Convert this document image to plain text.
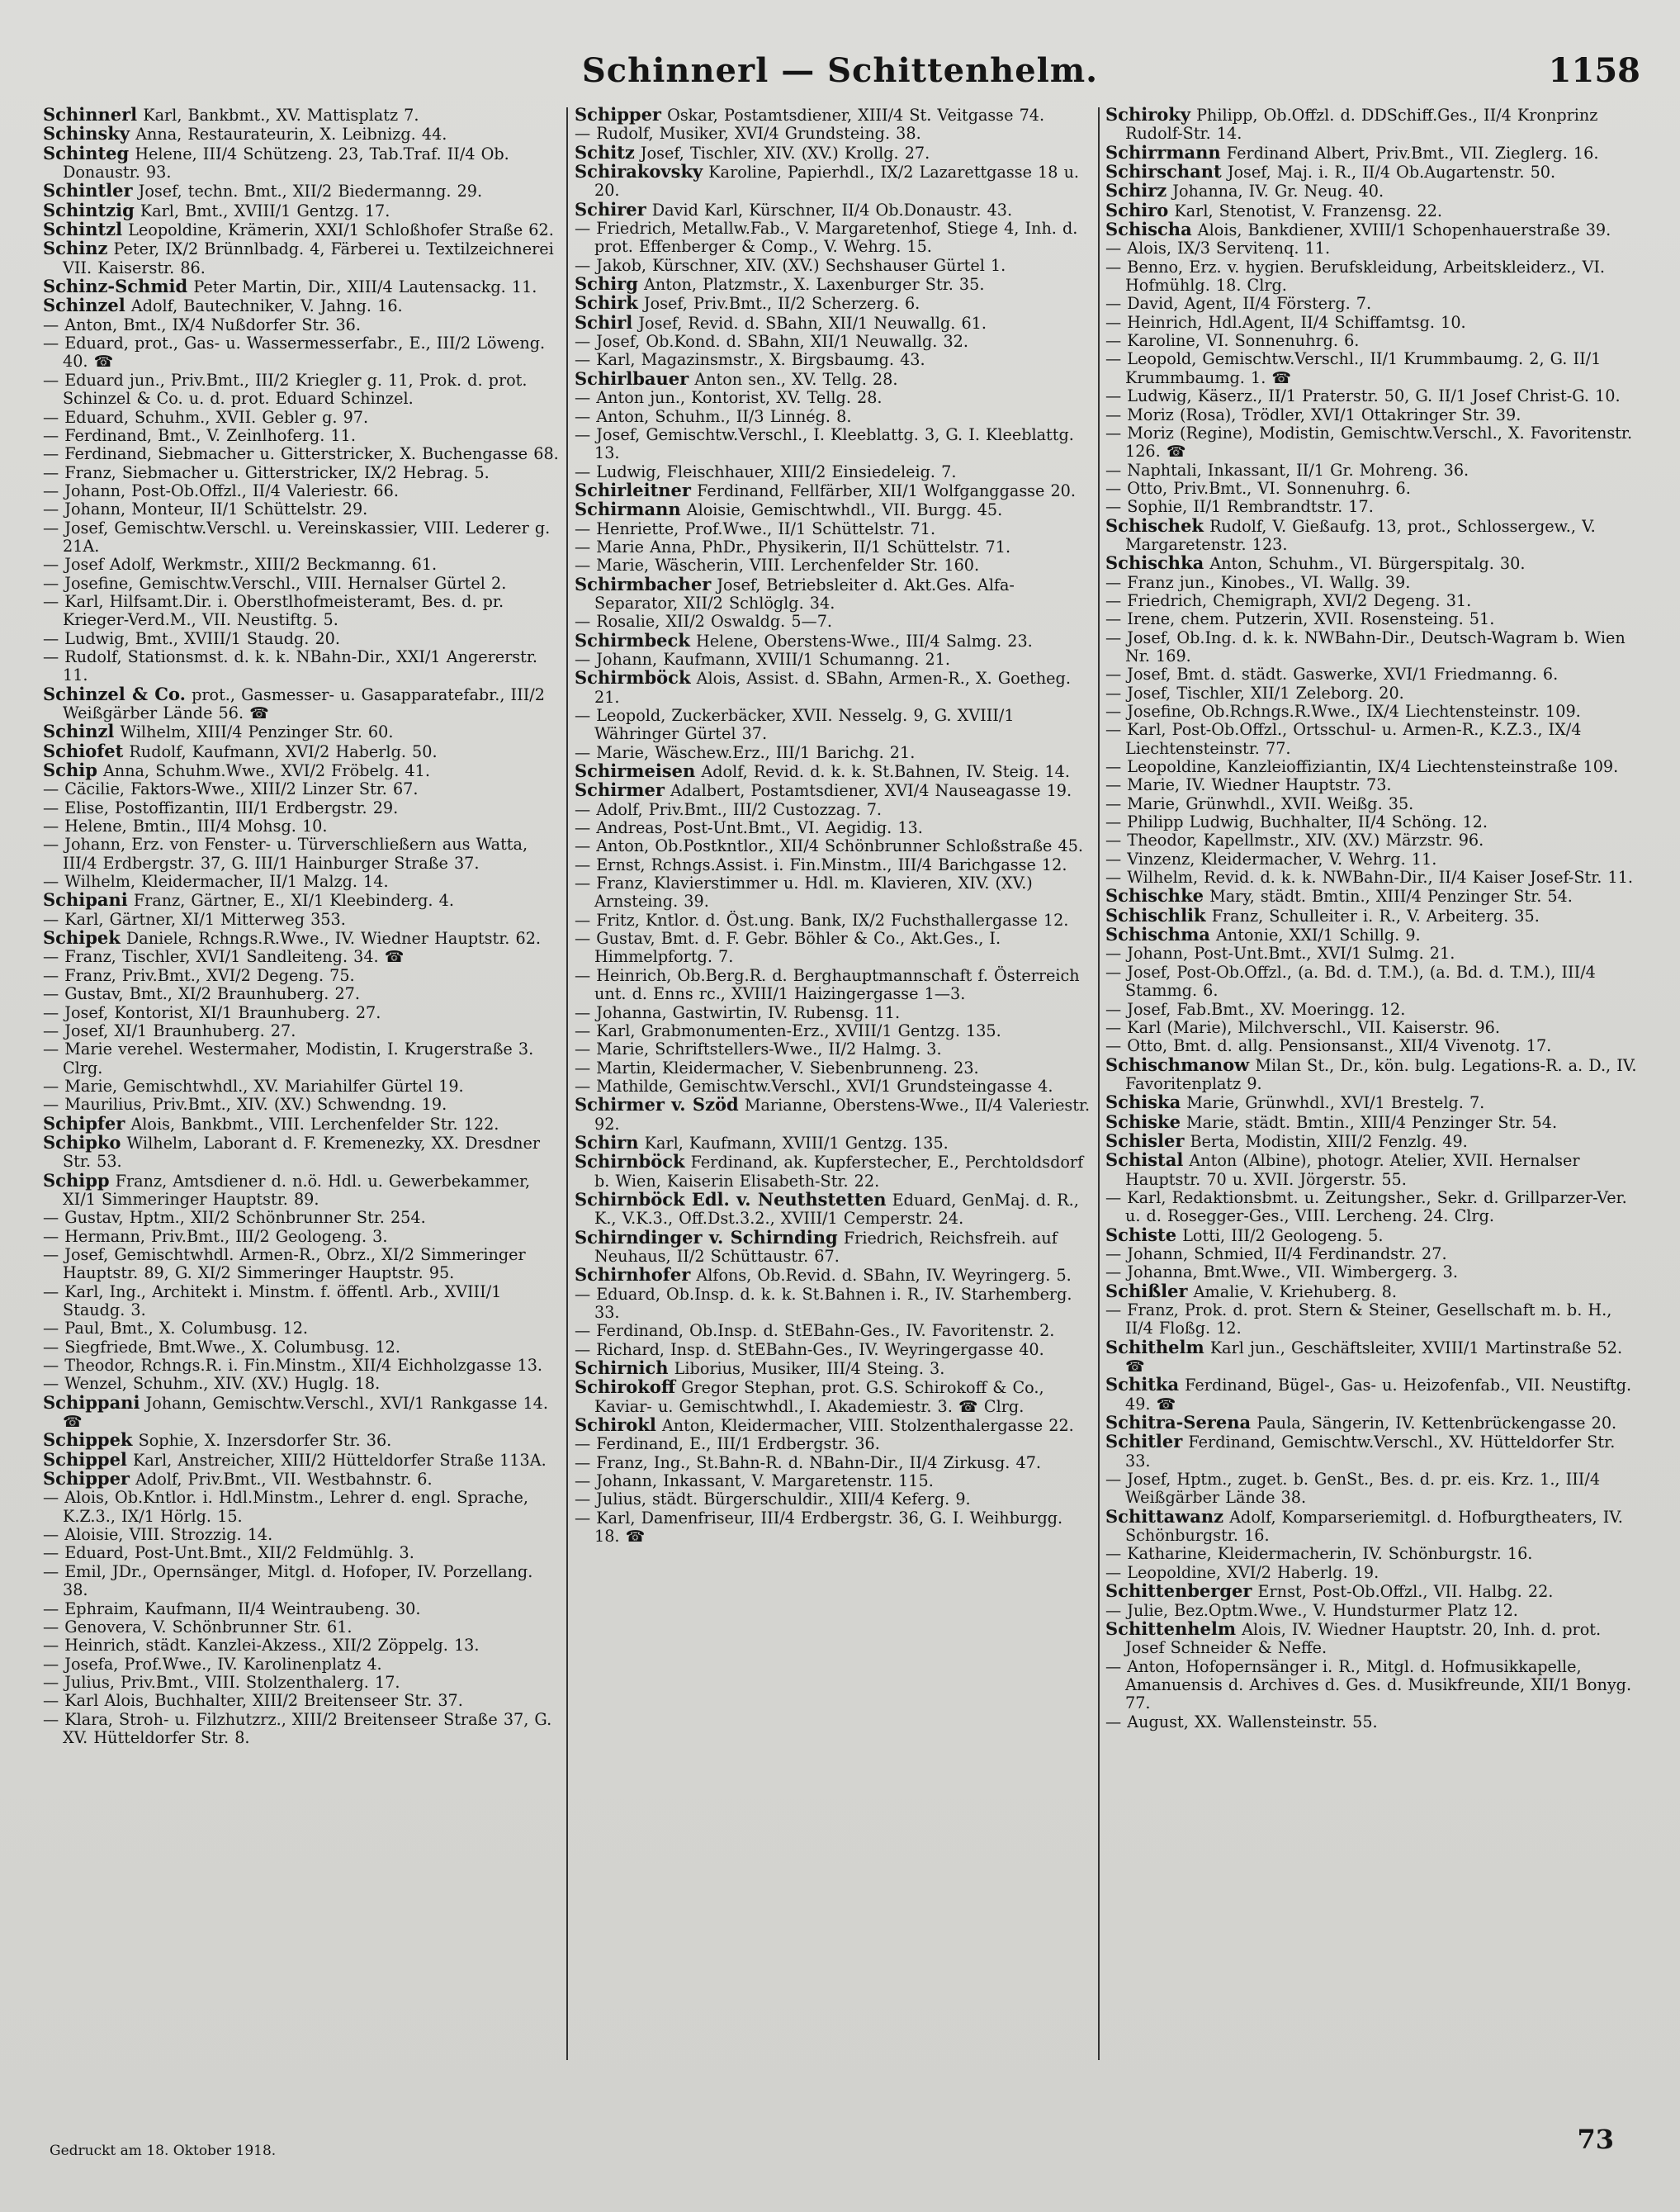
Schinnerl — Schittenhelm.	1158

Schinnerl Karl, Bankbmt., XV. Mattisplatz 7.

Schinsky Anna, Restaurateurin, X. Leibnizg. 44.

Schinteg Helene, III/4 Schützeng. 23, Tab.Traf. II/4 Ob. Donaustr. 93.

Schintler Josef, techn. Bmt., XII/2 Biedermanng. 29.

Schintzig Karl, Bmt., XVIII/1 Gentzg. 17.

Schintzl Leopoldine, Krämerin, XXI/1 Schloßhofer Straße 62.

Schinz Peter, IX/2 Brünnlbadg. 4, Färberei u. Textilzeichnerei VII. Kaiserstr. 86.

Schinz-Schmid Peter Martin, Dir., XIII/4 Lautensackg. 11.

Schinzel Adolf, Bautechniker, V. Jahng. 16.

— Anton, Bmt., IX/4 Nußdorfer Str. 36.

— Eduard, prot., Gas- u. Wassermesserfabr., E., III/2 Löweng. 40. ☎

— Eduard jun., Priv.Bmt., III/2 Kriegler g. 11, Prok. d. prot. Schinzel & Co. u. d. prot. Eduard Schinzel.

— Eduard, Schuhm., XVII. Gebler g. 97.

— Ferdinand, Bmt., V. Zeinlhoferg. 11.

— Ferdinand, Siebmacher u. Gitterstricker, X. Buchengasse 68.

— Franz, Siebmacher u. Gitterstricker, IX/2 Hebrag. 5.

— Johann, Post-Ob.Offzl., II/4 Valeriestr. 66.

— Johann, Monteur, II/1 Schüttelstr. 29.

— Josef, Gemischtw.Verschl. u. Vereinskassier, VIII. Lederer g. 21A.

— Josef Adolf, Werkmstr., XIII/2 Beckmanng. 61.

— Josefine, Gemischtw.Verschl., VIII. Hernalser Gürtel 2.

— Karl, Hilfsamt.Dir. i. Oberstlhofmeisteramt, Bes. d. pr. Krieger-Verd.M., VII. Neustiftg. 5.

— Ludwig, Bmt., XVIII/1 Staudg. 20.

— Rudolf, Stationsmst. d. k. k. NBahn-Dir., XXI/1 Angererstr. 11.

Schinzel & Co. prot., Gasmesser- u. Gasapparatefabr., III/2 Weißgärber Lände 56. ☎

Schinzl Wilhelm, XIII/4 Penzinger Str. 60.

Schiofet Rudolf, Kaufmann, XVI/2 Haberlg. 50.

Schip Anna, Schuhm.Wwe., XVI/2 Fröbelg. 41.

— Cäcilie, Faktors-Wwe., XIII/2 Linzer Str. 67.

— Elise, Postoffizantin, III/1 Erdbergstr. 29.

— Helene, Bmtin., III/4 Mohsg. 10.

— Johann, Erz. von Fenster- u. Türverschließern aus Watta, III/4 Erdbergstr. 37, G. III/1 Hainburger Straße 37.

— Wilhelm, Kleidermacher, II/1 Malzg. 14.

Schipani Franz, Gärtner, E., XI/1 Kleebinderg. 4.

— Karl, Gärtner, XI/1 Mitterweg 353.

Schipek Daniele, Rchngs.R.Wwe., IV. Wiedner Hauptstr. 62.

— Franz, Tischler, XVI/1 Sandleiteng. 34. ☎

— Franz, Priv.Bmt., XVI/2 Degeng. 75.

— Gustav, Bmt., XI/2 Braunhuberg. 27.

— Josef, Kontorist, XI/1 Braunhuberg. 27.

— Josef, XI/1 Braunhuberg. 27.

— Marie verehel. Westermaher, Modistin, I. Krugerstraße 3. Clrg.

— Marie, Gemischtwhdl., XV. Mariahilfer Gürtel 19.

— Maurilius, Priv.Bmt., XIV. (XV.) Schwendng. 19.

Schipfer Alois, Bankbmt., VIII. Lerchenfelder Str. 122.

Schipko Wilhelm, Laborant d. F. Kremenezky, XX. Dresdner Str. 53.

Schipp Franz, Amtsdiener d. n.ö. Hdl. u. Gewerbekammer, XI/1 Simmeringer Hauptstr. 89.

— Gustav, Hptm., XII/2 Schönbrunner Str. 254.

— Hermann, Priv.Bmt., III/2 Geologeng. 3.

— Josef, Gemischtwhdl. Armen-R., Obrz., XI/2 Simmeringer Hauptstr. 89, G. XI/2 Simmeringer Hauptstr. 95.

— Karl, Ing., Architekt i. Minstm. f. öffentl. Arb., XVIII/1 Staudg. 3.

— Paul, Bmt., X. Columbusg. 12.

— Siegfriede, Bmt.Wwe., X. Columbusg. 12.

— Theodor, Rchngs.R. i. Fin.Minstm., XII/4 Eichholzgasse 13.

— Wenzel, Schuhm., XIV. (XV.) Huglg. 18.

Schippani Johann, Gemischtw.Verschl., XVI/1 Rankgasse 14. ☎

Schippek Sophie, X. Inzersdorfer Str. 36.

Schippel Karl, Anstreicher, XIII/2 Hütteldorfer Straße 113A.

Schipper Adolf, Priv.Bmt., VII. Westbahnstr. 6.

— Alois, Ob.Kntlor. i. Hdl.Minstm., Lehrer d. engl. Sprache, K.Z.3., IX/1 Hörlg. 15.

— Aloisie, VIII. Strozzig. 14.

— Eduard, Post-Unt.Bmt., XII/2 Feldmühlg. 3.

— Emil, JDr., Opernsänger, Mitgl. d. Hofoper, IV. Porzellang. 38.

— Ephraim, Kaufmann, II/4 Weintraubeng. 30.

— Genovera, V. Schönbrunner Str. 61.

— Heinrich, städt. Kanzlei-Akzess., XII/2 Zöppelg. 13.

— Josefa, Prof.Wwe., IV. Karolinenplatz 4.

— Julius, Priv.Bmt., VIII. Stolzenthalerg. 17.

— Karl Alois, Buchhalter, XIII/2 Breitenseer Str. 37.

— Klara, Stroh- u. Filzhutzrz., XIII/2 Breitenseer Straße 37, G. XV. Hütteldorfer Str. 8.

Schipper Oskar, Postamtsdiener, XIII/4 St. Veitgasse 74.

— Rudolf, Musiker, XVI/4 Grundsteing. 38.

Schitz Josef, Tischler, XIV. (XV.) Krollg. 27.

Schirakovsky Karoline, Papierhdl., IX/2 Lazarettgasse 18 u. 20.

Schirer David Karl, Kürschner, II/4 Ob.Donaustr. 43.

— Friedrich, Metallw.Fab., V. Margaretenhof, Stiege 4, Inh. d. prot. Effenberger & Comp., V. Wehrg. 15.

— Jakob, Kürschner, XIV. (XV.) Sechshauser Gürtel 1.

Schirg Anton, Platzmstr., X. Laxenburger Str. 35.

Schirk Josef, Priv.Bmt., II/2 Scherzerg. 6.

Schirl Josef, Revid. d. SBahn, XII/1 Neuwallg. 61.

— Josef, Ob.Kond. d. SBahn, XII/1 Neuwallg. 32.

— Karl, Magazinsmstr., X. Birgsbaumg. 43.

Schirlbauer Anton sen., XV. Tellg. 28.

— Anton jun., Kontorist, XV. Tellg. 28.

— Anton, Schuhm., II/3 Linnég. 8.

— Josef, Gemischtw.Verschl., I. Kleeblattg. 3, G. I. Kleeblattg. 13.

— Ludwig, Fleischhauer, XIII/2 Einsiedeleig. 7.

Schirleitner Ferdinand, Fellfärber, XII/1 Wolfganggasse 20.

Schirmann Aloisie, Gemischtwhdl., VII. Burgg. 45.

— Henriette, Prof.Wwe., II/1 Schüttelstr. 71.

— Marie Anna, PhDr., Physikerin, II/1 Schüttelstr. 71.

— Marie, Wäscherin, VIII. Lerchenfelder Str. 160.

Schirmbacher Josef, Betriebsleiter d. Akt.Ges. Alfa-Separator, XII/2 Schlöglg. 34.

— Rosalie, XII/2 Oswaldg. 5—7.

Schirmbeck Helene, Oberstens-Wwe., III/4 Salmg. 23.

— Johann, Kaufmann, XVIII/1 Schumanng. 21.

Schirmböck Alois, Assist. d. SBahn, Armen-R., X. Goetheg. 21.

— Leopold, Zuckerbäcker, XVII. Nesselg. 9, G. XVIII/1 Währinger Gürtel 37.

— Marie, Wäschew.Erz., III/1 Barichg. 21.

Schirmeisen Adolf, Revid. d. k. k. St.Bahnen, IV. Steig. 14.

Schirmer Adalbert, Postamtsdiener, XVI/4 Nauseagasse 19.

— Adolf, Priv.Bmt., III/2 Custozzag. 7.

— Andreas, Post-Unt.Bmt., VI. Aegidig. 13.

— Anton, Ob.Postkntlor., XII/4 Schönbrunner Schloßstraße 45.

— Ernst, Rchngs.Assist. i. Fin.Minstm., III/4 Barichgasse 12.

— Franz, Klavierstimmer u. Hdl. m. Klavieren, XIV. (XV.) Arnsteing. 39.

— Fritz, Kntlor. d. Öst.ung. Bank, IX/2 Fuchsthallergasse 12.

— Gustav, Bmt. d. F. Gebr. Böhler & Co., Akt.Ges., I. Himmelpfortg. 7.

— Heinrich, Ob.Berg.R. d. Berghauptmannschaft f. Österreich unt. d. Enns rc., XVIII/1 Haizingergasse 1—3.

— Johanna, Gastwirtin, IV. Rubensg. 11.

— Karl, Grabmonumenten-Erz., XVIII/1 Gentzg. 135.

— Marie, Schriftstellers-Wwe., II/2 Halmg. 3.

— Martin, Kleidermacher, V. Siebenbrunneng. 23.

— Mathilde, Gemischtw.Verschl., XVI/1 Grundsteingasse 4.

Schirmer v. Szöd Marianne, Oberstens-Wwe., II/4 Valeriestr. 92.

Schirn Karl, Kaufmann, XVIII/1 Gentzg. 135.

Schirnböck Ferdinand, ak. Kupferstecher, E., Perchtoldsdorf b. Wien, Kaiserin Elisabeth-Str. 22.

Schirnböck Edl. v. Neuthstetten Eduard, GenMaj. d. R., K., V.K.3., Off.Dst.3.2., XVIII/1 Cemperstr. 24.

Schirndinger v. Schirnding Friedrich, Reichsfreih. auf Neuhaus, II/2 Schüttaustr. 67.

Schirnhofer Alfons, Ob.Revid. d. SBahn, IV. Weyringerg. 5.

— Eduard, Ob.Insp. d. k. k. St.Bahnen i. R., IV. Starhemberg. 33.

— Ferdinand, Ob.Insp. d. StEBahn-Ges., IV. Favoritenstr. 2.

— Richard, Insp. d. StEBahn-Ges., IV. Weyringergasse 40.

Schirnich Liborius, Musiker, III/4 Steing. 3.

Schirokoff Gregor Stephan, prot. G.S. Schirokoff & Co., Kaviar- u. Gemischtwhdl., I. Akademiestr. 3. ☎ Clrg.

Schirokl Anton, Kleidermacher, VIII. Stolzenthalergasse 22.

— Ferdinand, E., III/1 Erdbergstr. 36.

— Franz, Ing., St.Bahn-R. d. NBahn-Dir., II/4 Zirkusg. 47.

— Johann, Inkassant, V. Margaretenstr. 115.

— Julius, städt. Bürgerschuldir., XIII/4 Keferg. 9.

— Karl, Damenfriseur, III/4 Erdbergstr. 36, G. I. Weihburgg. 18. ☎

Schiroky Philipp, Ob.Offzl. d. DDSchiff.Ges., II/4 Kronprinz Rudolf-Str. 14.

Schirrmann Ferdinand Albert, Priv.Bmt., VII. Zieglerg. 16.

Schirschant Josef, Maj. i. R., II/4 Ob.Augartenstr. 50.

Schirz Johanna, IV. Gr. Neug. 40.

Schiro Karl, Stenotist, V. Franzensg. 22.

Schischa Alois, Bankdiener, XVIII/1 Schopenhauerstraße 39.

— Alois, IX/3 Servitenq. 11.

— Benno, Erz. v. hygien. Berufskleidung, Arbeitskleiderz., VI. Hofmühlg. 18. Clrg.

— David, Agent, II/4 Försterg. 7.

— Heinrich, Hdl.Agent, II/4 Schiffamtsg. 10.

— Karoline, VI. Sonnenuhrg. 6.

— Leopold, Gemischtw.Verschl., II/1 Krummbaumg. 2, G. II/1 Krummbaumg. 1. ☎

— Ludwig, Käserz., II/1 Praterstr. 50, G. II/1 Josef Christ-G. 10.

— Moriz (Rosa), Trödler, XVI/1 Ottakringer Str. 39.

— Moriz (Regine), Modistin, Gemischtw.Verschl., X. Favoritenstr. 126. ☎

— Naphtali, Inkassant, II/1 Gr. Mohreng. 36.

— Otto, Priv.Bmt., VI. Sonnenuhrg. 6.

— Sophie, II/1 Rembrandtstr. 17.

Schischek Rudolf, V. Gießaufg. 13, prot., Schlossergew., V. Margaretenstr. 123.

Schischka Anton, Schuhm., VI. Bürgerspitalg. 30.

— Franz jun., Kinobes., VI. Wallg. 39.

— Friedrich, Chemigraph, XVI/2 Degeng. 31.

— Irene, chem. Putzerin, XVII. Rosensteing. 51.

— Josef, Ob.Ing. d. k. k. NWBahn-Dir., Deutsch-Wagram b. Wien Nr. 169.

— Josef, Bmt. d. städt. Gaswerke, XVI/1 Friedmanng. 6.

— Josef, Tischler, XII/1 Zeleborg. 20.

— Josefine, Ob.Rchngs.R.Wwe., IX/4 Liechtensteinstr. 109.

— Karl, Post-Ob.Offzl., Ortsschul- u. Armen-R., K.Z.3., IX/4 Liechtensteinstr. 77.

— Leopoldine, Kanzleioffiziantin, IX/4 Liechtensteinstraße 109.

— Marie, IV. Wiedner Hauptstr. 73.

— Marie, Grünwhdl., XVII. Weißg. 35.

— Philipp Ludwig, Buchhalter, II/4 Schöng. 12.

— Theodor, Kapellmstr., XIV. (XV.) Märzstr. 96.

— Vinzenz, Kleidermacher, V. Wehrg. 11.

— Wilhelm, Revid. d. k. k. NWBahn-Dir., II/4 Kaiser Josef-Str. 11.

Schischke Mary, städt. Bmtin., XIII/4 Penzinger Str. 54.

Schischlik Franz, Schulleiter i. R., V. Arbeiterg. 35.

Schischma Antonie, XXI/1 Schillg. 9.

— Johann, Post-Unt.Bmt., XVI/1 Sulmg. 21.

— Josef, Post-Ob.Offzl., (a. Bd. d. T.M.), (a. Bd. d. T.M.), III/4 Stammg. 6.

— Josef, Fab.Bmt., XV. Moeringg. 12.

— Karl (Marie), Milchverschl., VII. Kaiserstr. 96.

— Otto, Bmt. d. allg. Pensionsanst., XII/4 Vivenotg. 17.

Schischmanow Milan St., Dr., kön. bulg. Legations-R. a. D., IV. Favoritenplatz 9.

Schiska Marie, Grünwhdl., XVI/1 Brestelg. 7.

Schiske Marie, städt. Bmtin., XIII/4 Penzinger Str. 54.

Schisler Berta, Modistin, XIII/2 Fenzlg. 49.

Schistal Anton (Albine), photogr. Atelier, XVII. Hernalser Hauptstr. 70 u. XVII. Jörgerstr. 55.

— Karl, Redaktionsbmt. u. Zeitungsher., Sekr. d. Grillparzer-Ver. u. d. Rosegger-Ges., VIII. Lercheng. 24. Clrg.

Schiste Lotti, III/2 Geologeng. 5.

— Johann, Schmied, II/4 Ferdinandstr. 27.

— Johanna, Bmt.Wwe., VII. Wimbergerg. 3.

Schißler Amalie, V. Kriehuberg. 8.

— Franz, Prok. d. prot. Stern & Steiner, Gesellschaft m. b. H., II/4 Floßg. 12.

Schithelm Karl jun., Geschäftsleiter, XVIII/1 Martinstraße 52. ☎

Schitka Ferdinand, Bügel-, Gas- u. Heizofenfab., VII. Neustiftg. 49. ☎

Schitra-Serena Paula, Sängerin, IV. Kettenbrückengasse 20.

Schitler Ferdinand, Gemischtw.Verschl., XV. Hütteldorfer Str. 33.

— Josef, Hptm., zuget. b. GenSt., Bes. d. pr. eis. Krz. 1., III/4 Weißgärber Lände 38.

Schittawanz Adolf, Komparseriemitgl. d. Hofburgtheaters, IV. Schönburgstr. 16.

— Katharine, Kleidermacherin, IV. Schönburgstr. 16.

— Leopoldine, XVI/2 Haberlg. 19.

Schittenberger Ernst, Post-Ob.Offzl., VII. Halbg. 22.

— Julie, Bez.Optm.Wwe., V. Hundsturmer Platz 12.

Schittenhelm Alois, IV. Wiedner Hauptstr. 20, Inh. d. prot. Josef Schneider & Neffe.

— Anton, Hofopernsänger i. R., Mitgl. d. Hofmusikkapelle, Amanuensis d. Archives d. Ges. d. Musikfreunde, XII/1 Bonyg. 77.

— August, XX. Wallensteinstr. 55.

Gedruckt am 18. Oktober 1918.	73
